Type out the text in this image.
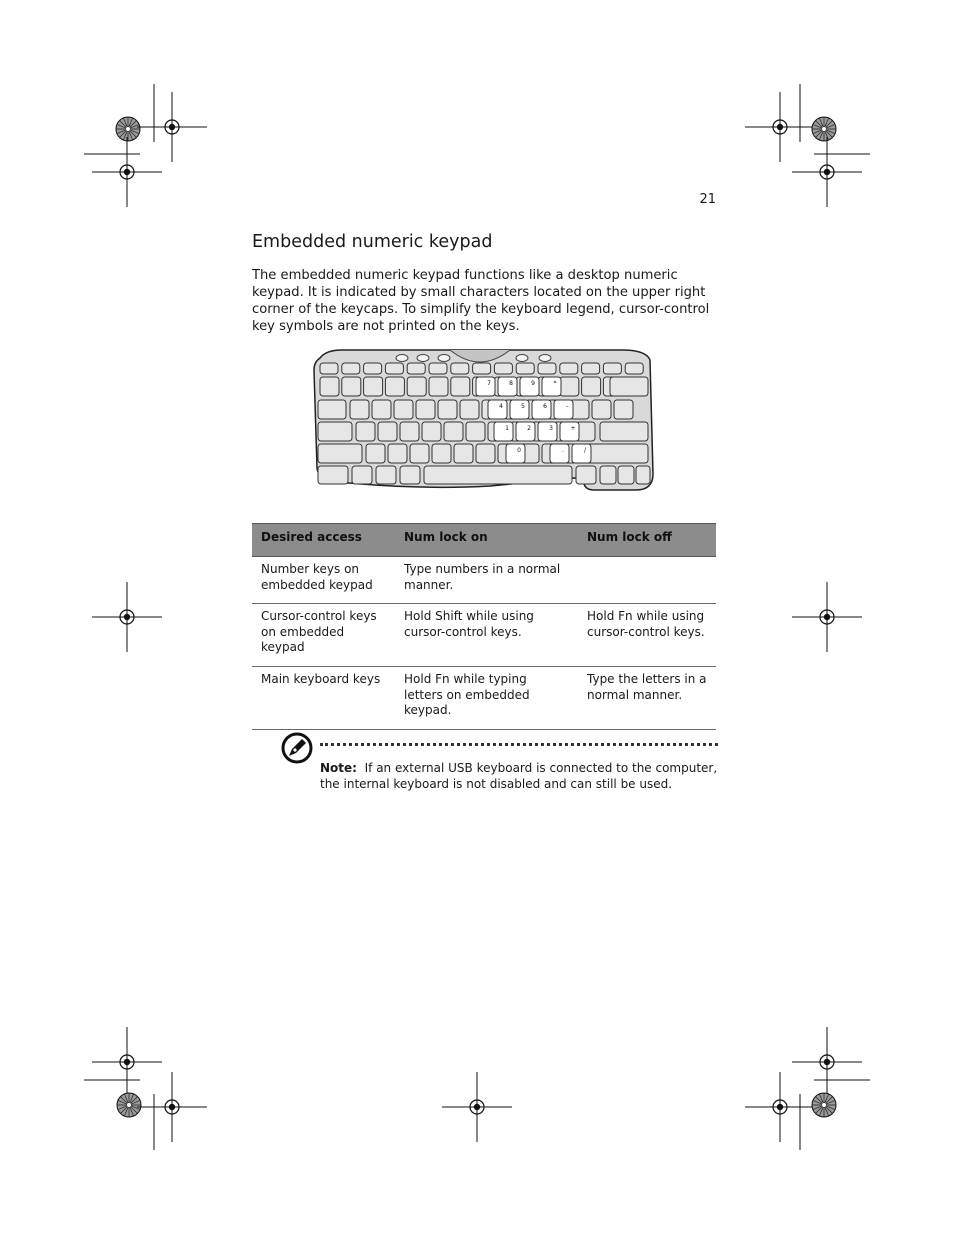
21
Embedded numeric keypad

The embedded numeric keypad functions like a desktop numeric keypad. It is indicated by small characters located on the upper right corner of the keycaps. To simplify the keyboard legend, cursor-control key symbols are not printed on the keys.

7	8	9	*
4	5	6	–
1	2	3	+
0	.	/
Desired access	Num lock on	Num lock off
Number keys on embedded keypad	Type numbers in a normal manner.	
Cursor-control keys on embedded keypad	Hold Shift while using cursor-control keys.	Hold Fn while using cursor-control keys.
Main keyboard keys	Hold Fn while typing letters on embedded keypad.	Type the letters in a normal manner.

Note: If an external USB keyboard is connected to the computer, the internal keyboard is not disabled and can still be used.
